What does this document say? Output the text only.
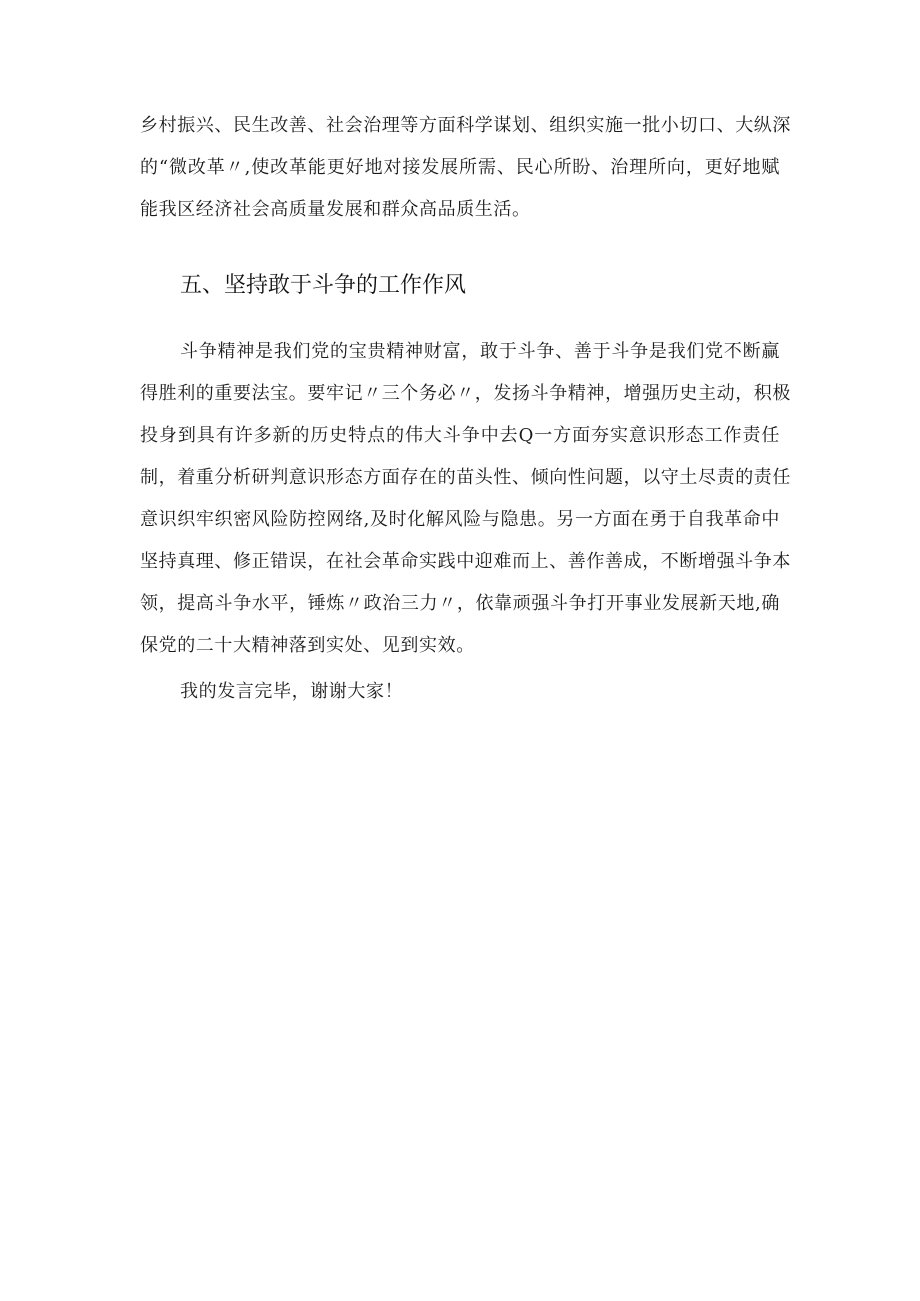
乡村振兴、民生改善、社会治理等方面科学谋划、组织实施一批小切口、大纵深
的“微改革〃,使改革能更好地对接发展所需、民心所盼、治理所向，更好地赋
能我区经济社会高质量发展和群众高品质生活。
五、坚持敢于斗争的工作作风
斗争精神是我们党的宝贵精神财富，敢于斗争、善于斗争是我们党不断赢
得胜利的重要法宝。要牢记〃三个务必〃，发扬斗争精神，增强历史主动，积极
投身到具有许多新的历史特点的伟大斗争中去Q一方面夯实意识形态工作责任
制，着重分析研判意识形态方面存在的苗头性、倾向性问题，以守土尽责的责任
意识织牢织密风险防控网络,及时化解风险与隐患。另一方面在勇于自我革命中
坚持真理、修正错误，在社会革命实践中迎难而上、善作善成，不断增强斗争本
领，提高斗争水平，锤炼〃政治三力〃，依靠顽强斗争打开事业发展新天地,确
保党的二十大精神落到实处、见到实效。
我的发言完毕，谢谢大家！
